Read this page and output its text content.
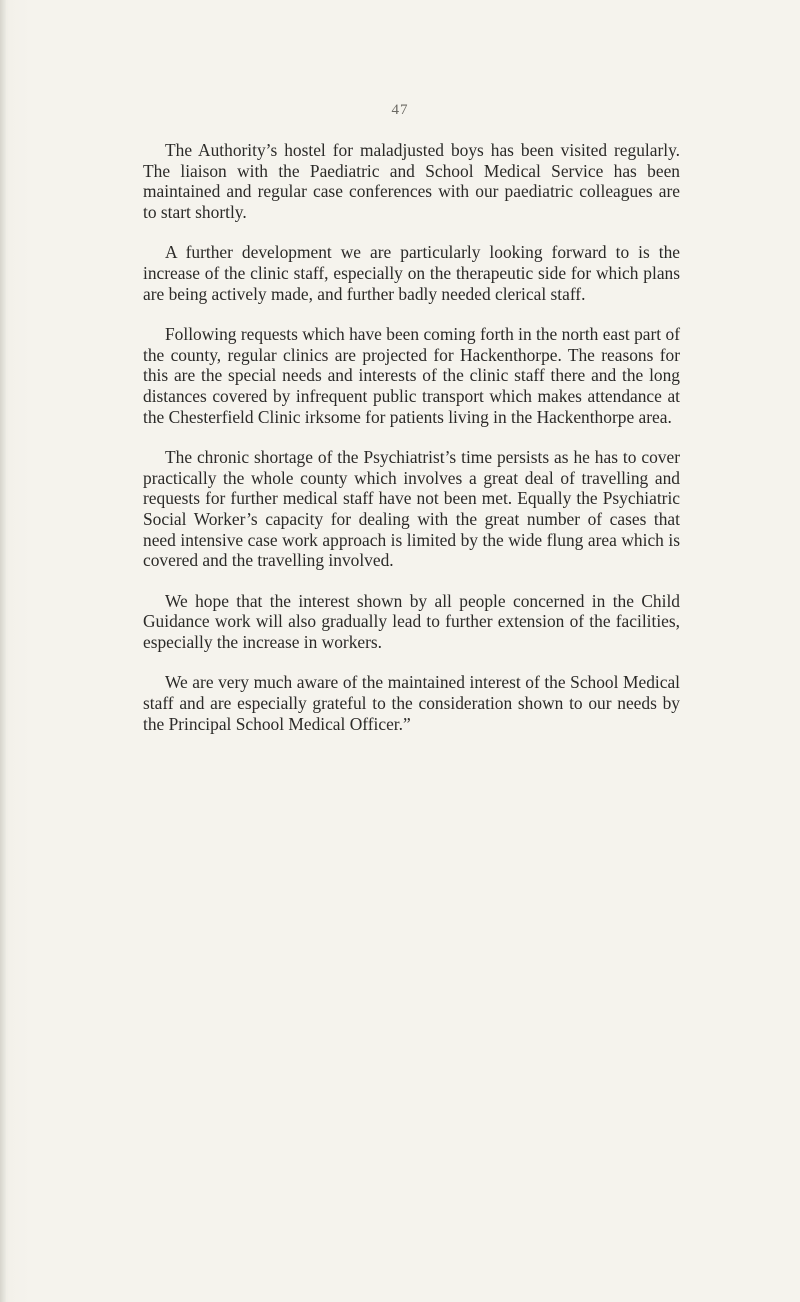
47

The Authority’s hostel for maladjusted boys has been visited regularly. The liaison with the Paediatric and School Medical Service has been maintained and regular case conferences with our paediatric colleagues are to start shortly.

A further development we are particularly looking forward to is the increase of the clinic staff, especially on the therapeutic side for which plans are being actively made, and further badly needed clerical staff.

Following requests which have been coming forth in the north east part of the county, regular clinics are projected for Hackenthorpe. The reasons for this are the special needs and interests of the clinic staff there and the long distances covered by infrequent public transport which makes attendance at the Chesterfield Clinic irksome for patients living in the Hackenthorpe area.

The chronic shortage of the Psychiatrist’s time persists as he has to cover practically the whole county which involves a great deal of travelling and requests for further medical staff have not been met. Equally the Psychiatric Social Worker’s capacity for dealing with the great number of cases that need intensive case work approach is limited by the wide flung area which is covered and the travelling involved.

We hope that the interest shown by all people concerned in the Child Guidance work will also gradually lead to further extension of the facilities, especially the increase in workers.

We are very much aware of the maintained interest of the School Medical staff and are especially grateful to the consideration shown to our needs by the Principal School Medical Officer.”
